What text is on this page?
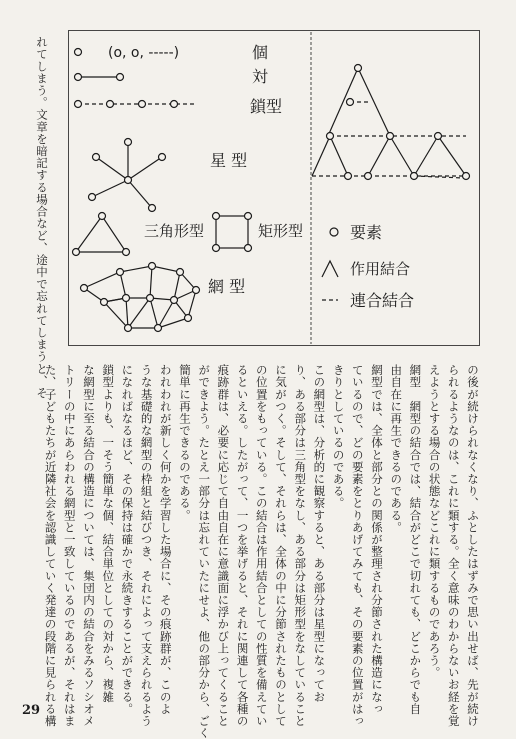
れてしまう。文章を暗記する場合など、途中で忘れてしまうと、そ	(o, o, -----)	個
対
鎖型
星 型
三角形型	矩形型
網 型
要素
作用結合
連合結合
の後が続けられなくなり、ふとしたはずみで思い出せば、先が続け
られるようなのは、これに類する。全く意味のわからないお経を覚
えようとする場合の状態などこれに類するものであろう。
網型　網型の結合では、結合がどこで切れても、どこからでも自
由自在に再生できるのである。
網型では、全体と部分との関係が整理され分節された構造になっ
ているので、どの要素をとりあげてみても、その要素の位置がはっ
きりとしているのである。
この網型は、分析的に観察すると、ある部分は星型になってお
り、ある部分は三角型をなし、ある部分は矩形型をなしていること
に気がつく。そして、それらは、全体の中に分節されたものとして
の位置をもっている。この結合は作用結合としての性質を備えてい
るといえる。したがって、一つを挙げると、それに関連して各種の
痕跡群は、必要に応じて自由自在に意識面に浮かび上ってくること
ができよう。たとえ一部分は忘れていたにせよ、他の部分から、ごく
簡単に再生できるのである。
われわれが新しく何かを学習した場合に、その痕跡群が、このよ
うな基礎的な網型の枠組と結びつき、それによって支えられるよう
になればなるほど、その保持は確かで永続きすることができる。
鎖型よりも、一そう簡単な個、結合単位としての対から、複雑
な網型に至る結合の構造については、集団内の結合をみるソシオメ
トリーの中にあらわれる網型と一致しているのであるが、それはま
た、子どもたちが近隣社会を認識していく発達の段階に見られる構
29
